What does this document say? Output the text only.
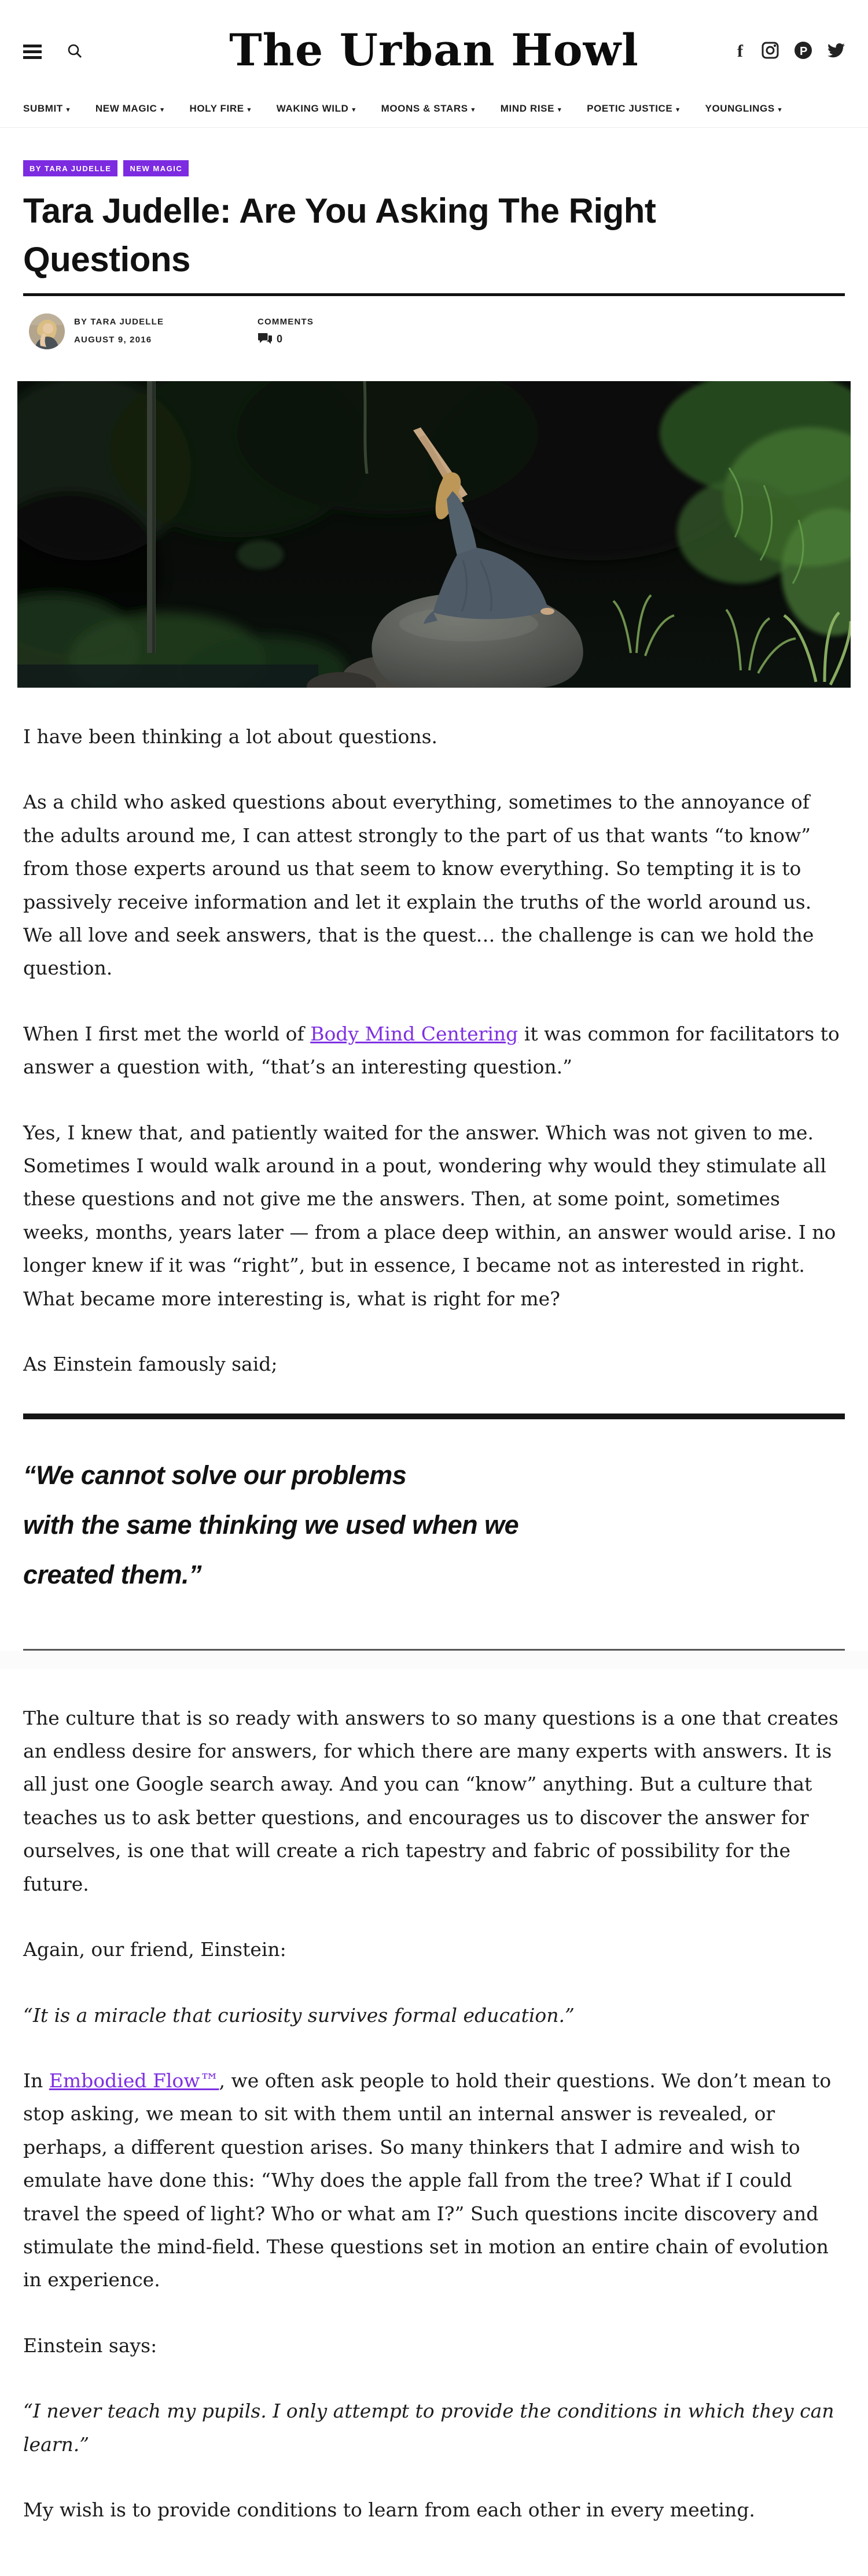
The Urban Howl	f	P
SUBMIT ▾	NEW MAGIC ▾	HOLY FIRE ▾	WAKING WILD ▾	MOONS & STARS ▾	MIND RISE ▾	POETIC JUSTICE ▾	YOUNGLINGS ▾
BY TARA JUDELLE	NEW MAGIC
Tara Judelle: Are You Asking The Right Questions
BY TARA JUDELLE
AUGUST 9, 2016
COMMENTS
0

I have been thinking a lot about questions.

As a child who asked questions about everything, sometimes to the annoyance of the adults around me, I can attest strongly to the part of us that wants “to know” from those experts around us that seem to know everything. So tempting it is to passively receive information and let it explain the truths of the world around us. We all love and seek answers, that is the quest… the challenge is can we hold the question.

When I first met the world of Body Mind Centering it was common for facilitators to answer a question with, “that’s an interesting question.”

Yes, I knew that, and patiently waited for the answer. Which was not given to me. Sometimes I would walk around in a pout, wondering why would they stimulate all these questions and not give me the answers. Then, at some point, sometimes weeks, months, years later — from a place deep within, an answer would arise. I no longer knew if it was “right”, but in essence, I became not as interested in right. What became more interesting is, what is right for me?

As Einstein famously said;

“We cannot solve our problems
with the same thinking we used when we
created them.”

The culture that is so ready with answers to so many questions is a one that creates an endless desire for answers, for which there are many experts with answers. It is all just one Google search away. And you can “know” anything. But a culture that teaches us to ask better questions, and encourages us to discover the answer for ourselves, is one that will create a rich tapestry and fabric of possibility for the future.

Again, our friend, Einstein:

“It is a miracle that curiosity survives formal education.”

In Embodied Flow™, we often ask people to hold their questions. We don’t mean to stop asking, we mean to sit with them until an internal answer is revealed, or perhaps, a different question arises. So many thinkers that I admire and wish to emulate have done this: “Why does the apple fall from the tree? What if I could travel the speed of light? Who or what am I?” Such questions incite discovery and stimulate the mind-field. These questions set in motion an entire chain of evolution in experience.

Einstein says:

“I never teach my pupils. I only attempt to provide the conditions in which they can learn.”

My wish is to provide conditions to learn from each other in every meeting.
